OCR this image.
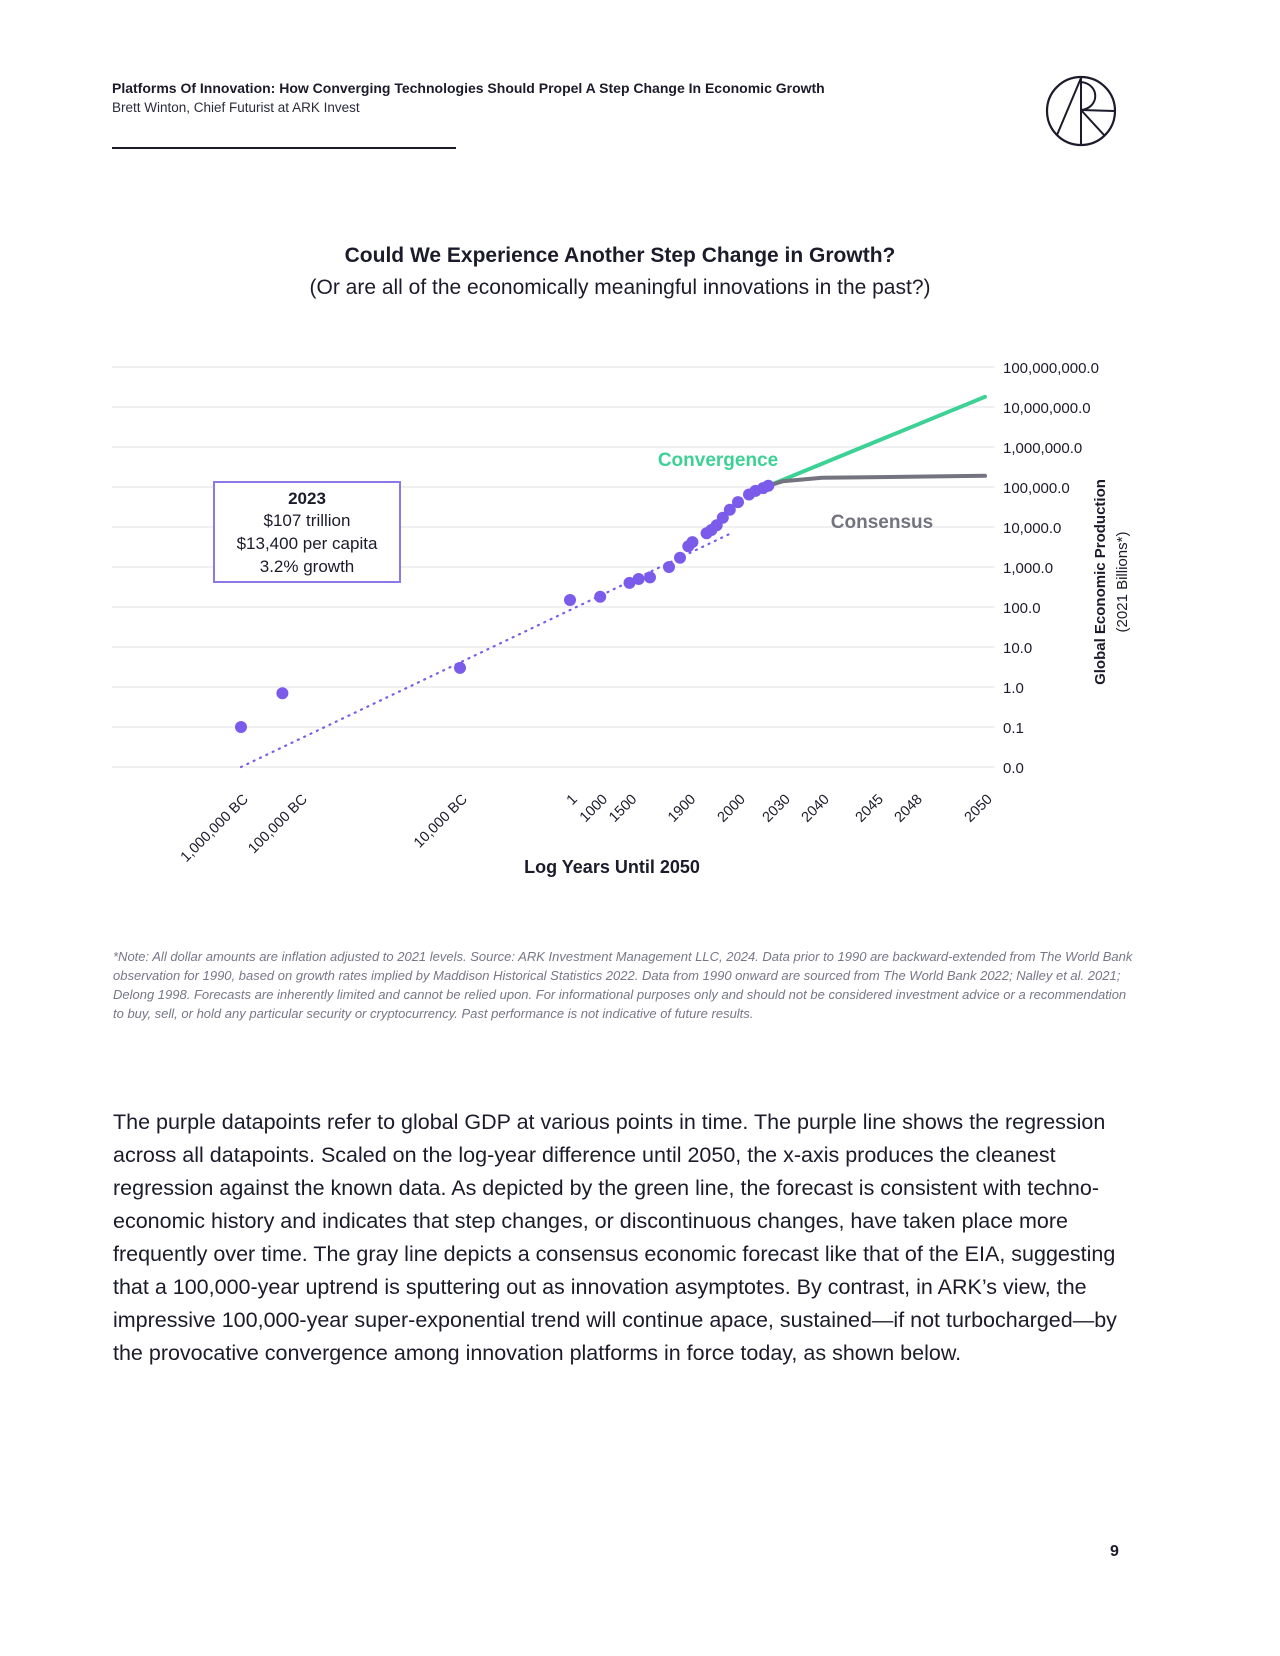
Platforms Of Innovation: How Converging Technologies Should Propel A Step Change In Economic Growth
Brett Winton, Chief Futurist at ARK Invest
Could We Experience Another Step Change in Growth?
(Or are all of the economically meaningful innovations in the past?)
100,000,000.0
10,000,000.0
1,000,000.0
100,000.0
10,000.0
1,000.0
100.0
10.0
1.0
0.1
0.0
1,000,000 BC
100,000 BC	10,000 BC	1
1000
1500 1900 2000 2030 2040 2045 2048 2050
Convergence
Consensus
2023
$107 trillion
$13,400 per capita
3.2% growth
Log Years Until 2050
Global Economic Production (2021 Billions*)
*Note: All dollar amounts are inflation adjusted to 2021 levels. Source: ARK Investment Management LLC, 2024. Data prior to 1990 are backward-extended from The World Bank observation for 1990, based on growth rates implied by Maddison Historical Statistics 2022. Data from 1990 onward are sourced from The World Bank 2022; Nalley et al. 2021; Delong 1998. Forecasts are inherently limited and cannot be relied upon. For informational purposes only and should not be considered investment advice or a recommendation to buy, sell, or hold any particular security or cryptocurrency. Past performance is not indicative of future results.
The purple datapoints refer to global GDP at various points in time. The purple line shows the regression across all datapoints. Scaled on the log-year difference until 2050, the x-axis produces the cleanest regression against the known data. As depicted by the green line, the forecast is consistent with techno-economic history and indicates that step changes, or discontinuous changes, have taken place more frequently over time. The gray line depicts a consensus economic forecast like that of the EIA, suggesting that a 100,000-year uptrend is sputtering out as innovation asymptotes. By contrast, in ARK’s view, the impressive 100,000-year super-exponential trend will continue apace, sustained—if not turbocharged—by the provocative convergence among innovation platforms in force today, as shown below.
9
